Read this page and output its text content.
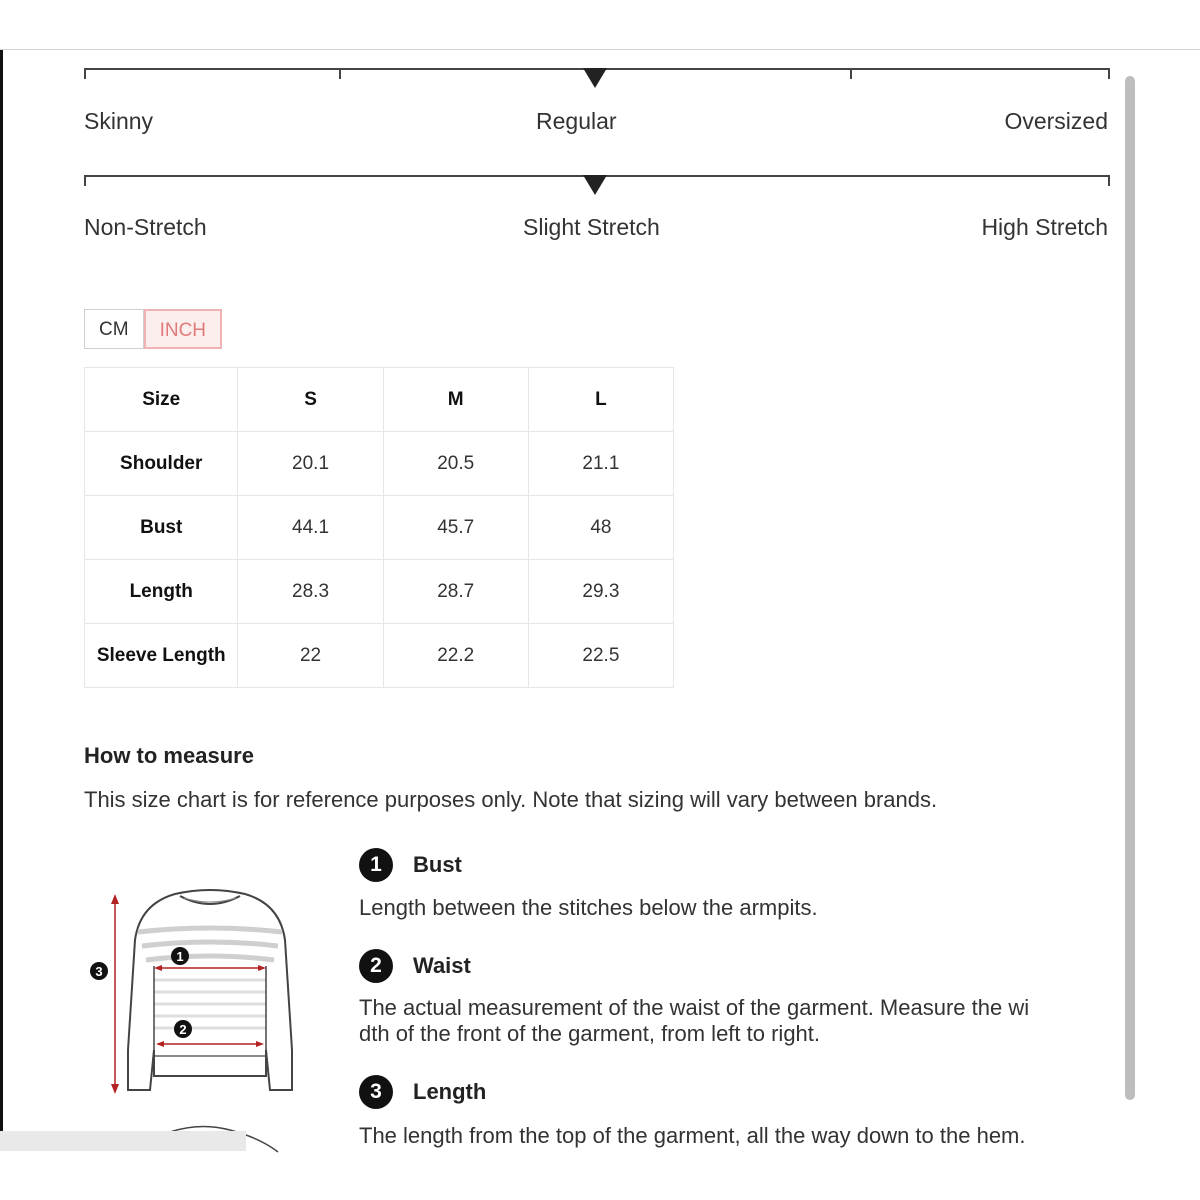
Skinny	Regular	Oversized
Non-Stretch	Slight Stretch	High Stretch
CM	INCH
Size	S	M	L
Shoulder	20.1	20.5	21.1
Bust	44.1	45.7	48
Length	28.3	28.7	29.3
Sleeve Length	22	22.2	22.5
How to measure
This size chart is for reference purposes only. Note that sizing will vary between brands.
1
2
3
1	Bust
Length between the stitches below the armpits.
2	Waist
The actual measurement of the waist of the garment. Measure the wi
dth of the front of the garment, from left to right.
3	Length
The length from the top of the garment, all the way down to the hem.
